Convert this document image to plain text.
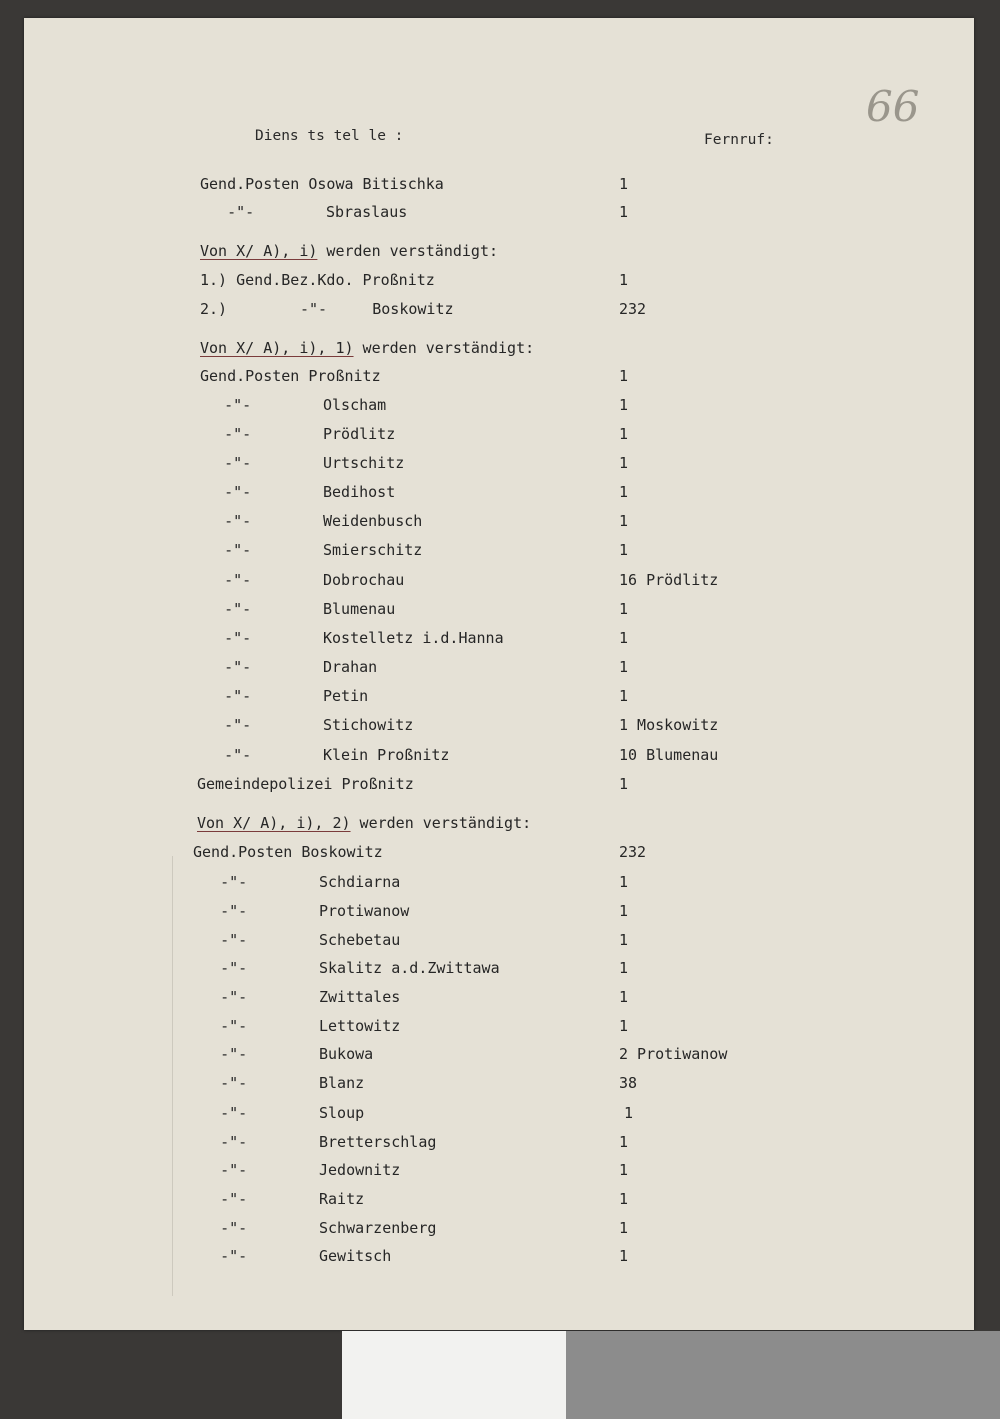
66
Diens ts tel le :	Fernruf:
Gend.Posten Osowa Bitischka	1
-"-	Sbraslaus	1
Von X/ A), i) werden verständigt:
1.) Gend.Bez.Kdo. Proßnitz	1
2.)	-"-     Boskowitz	232
Von X/ A), i), 1) werden verständigt:
Gend.Posten Proßnitz	1
-"-	Olscham	1
-"-	Prödlitz	1
-"-	Urtschitz	1
-"-	Bedihost	1
-"-	Weidenbusch	1
-"-	Smierschitz	1
-"-	Dobrochau	16 Prödlitz
-"-	Blumenau	1
-"-	Kostelletz i.d.Hanna	1
-"-	Drahan	1
-"-	Petin	1
-"-	Stichowitz	1 Moskowitz
-"-	Klein Proßnitz	10 Blumenau
Gemeindepolizei Proßnitz	1
Von X/ A), i), 2) werden verständigt:
Gend.Posten Boskowitz	232
-"-	Schdiarna	1
-"-	Protiwanow	1
-"-	Schebetau	1
-"-	Skalitz a.d.Zwittawa	1
-"-	Zwittales	1
-"-	Lettowitz	1
-"-	Bukowa	2 Protiwanow
-"-	Blanz	38
-"-	Sloup	1
-"-	Bretterschlag	1
-"-	Jedownitz	1
-"-	Raitz	1
-"-	Schwarzenberg	1
-"-	Gewitsch	1
